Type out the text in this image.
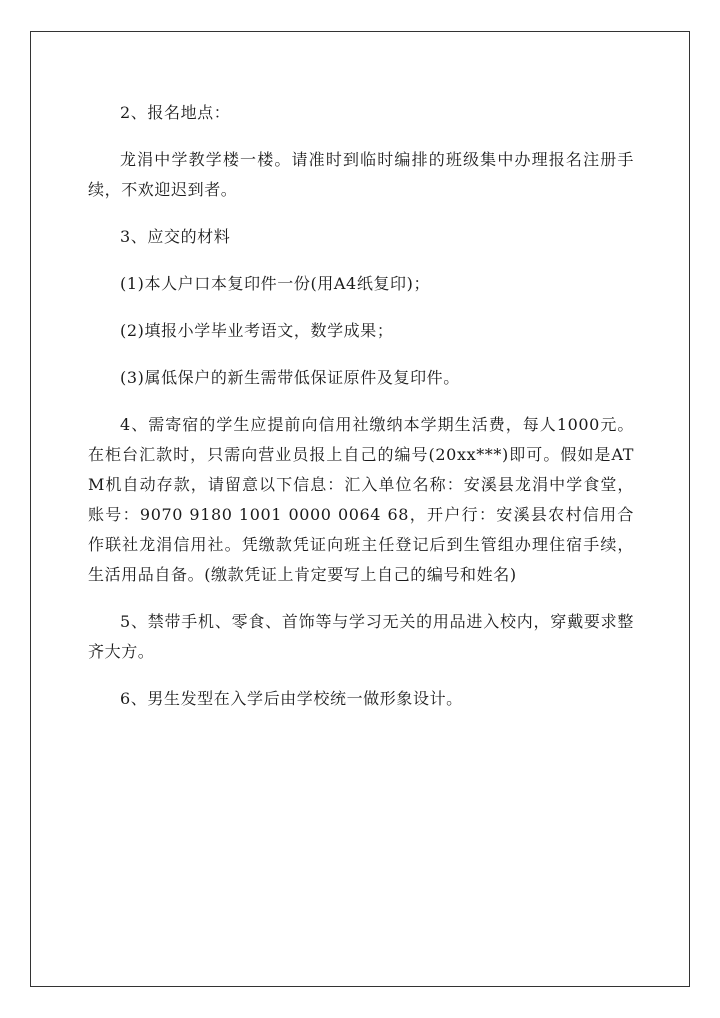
2、报名地点：

龙涓中学教学楼一楼。请准时到临时编排的班级集中办理报名注册手续，不欢迎迟到者。

3、应交的材料

(1)本人户口本复印件一份(用A4纸复印)；

(2)填报小学毕业考语文，数学成果；

(3)属低保户的新生需带低保证原件及复印件。

4、需寄宿的学生应提前向信用社缴纳本学期生活费，每人1000元。在柜台汇款时，只需向营业员报上自己的编号(20xx***)即可。假如是ATM机自动存款，请留意以下信息：汇入单位名称：安溪县龙涓中学食堂，账号：9070 9180 1001 0000 0064 68，开户行：安溪县农村信用合作联社龙涓信用社。凭缴款凭证向班主任登记后到生管组办理住宿手续，生活用品自备。(缴款凭证上肯定要写上自己的编号和姓名)

5、禁带手机、零食、首饰等与学习无关的用品进入校内，穿戴要求整齐大方。

6、男生发型在入学后由学校统一做形象设计。
